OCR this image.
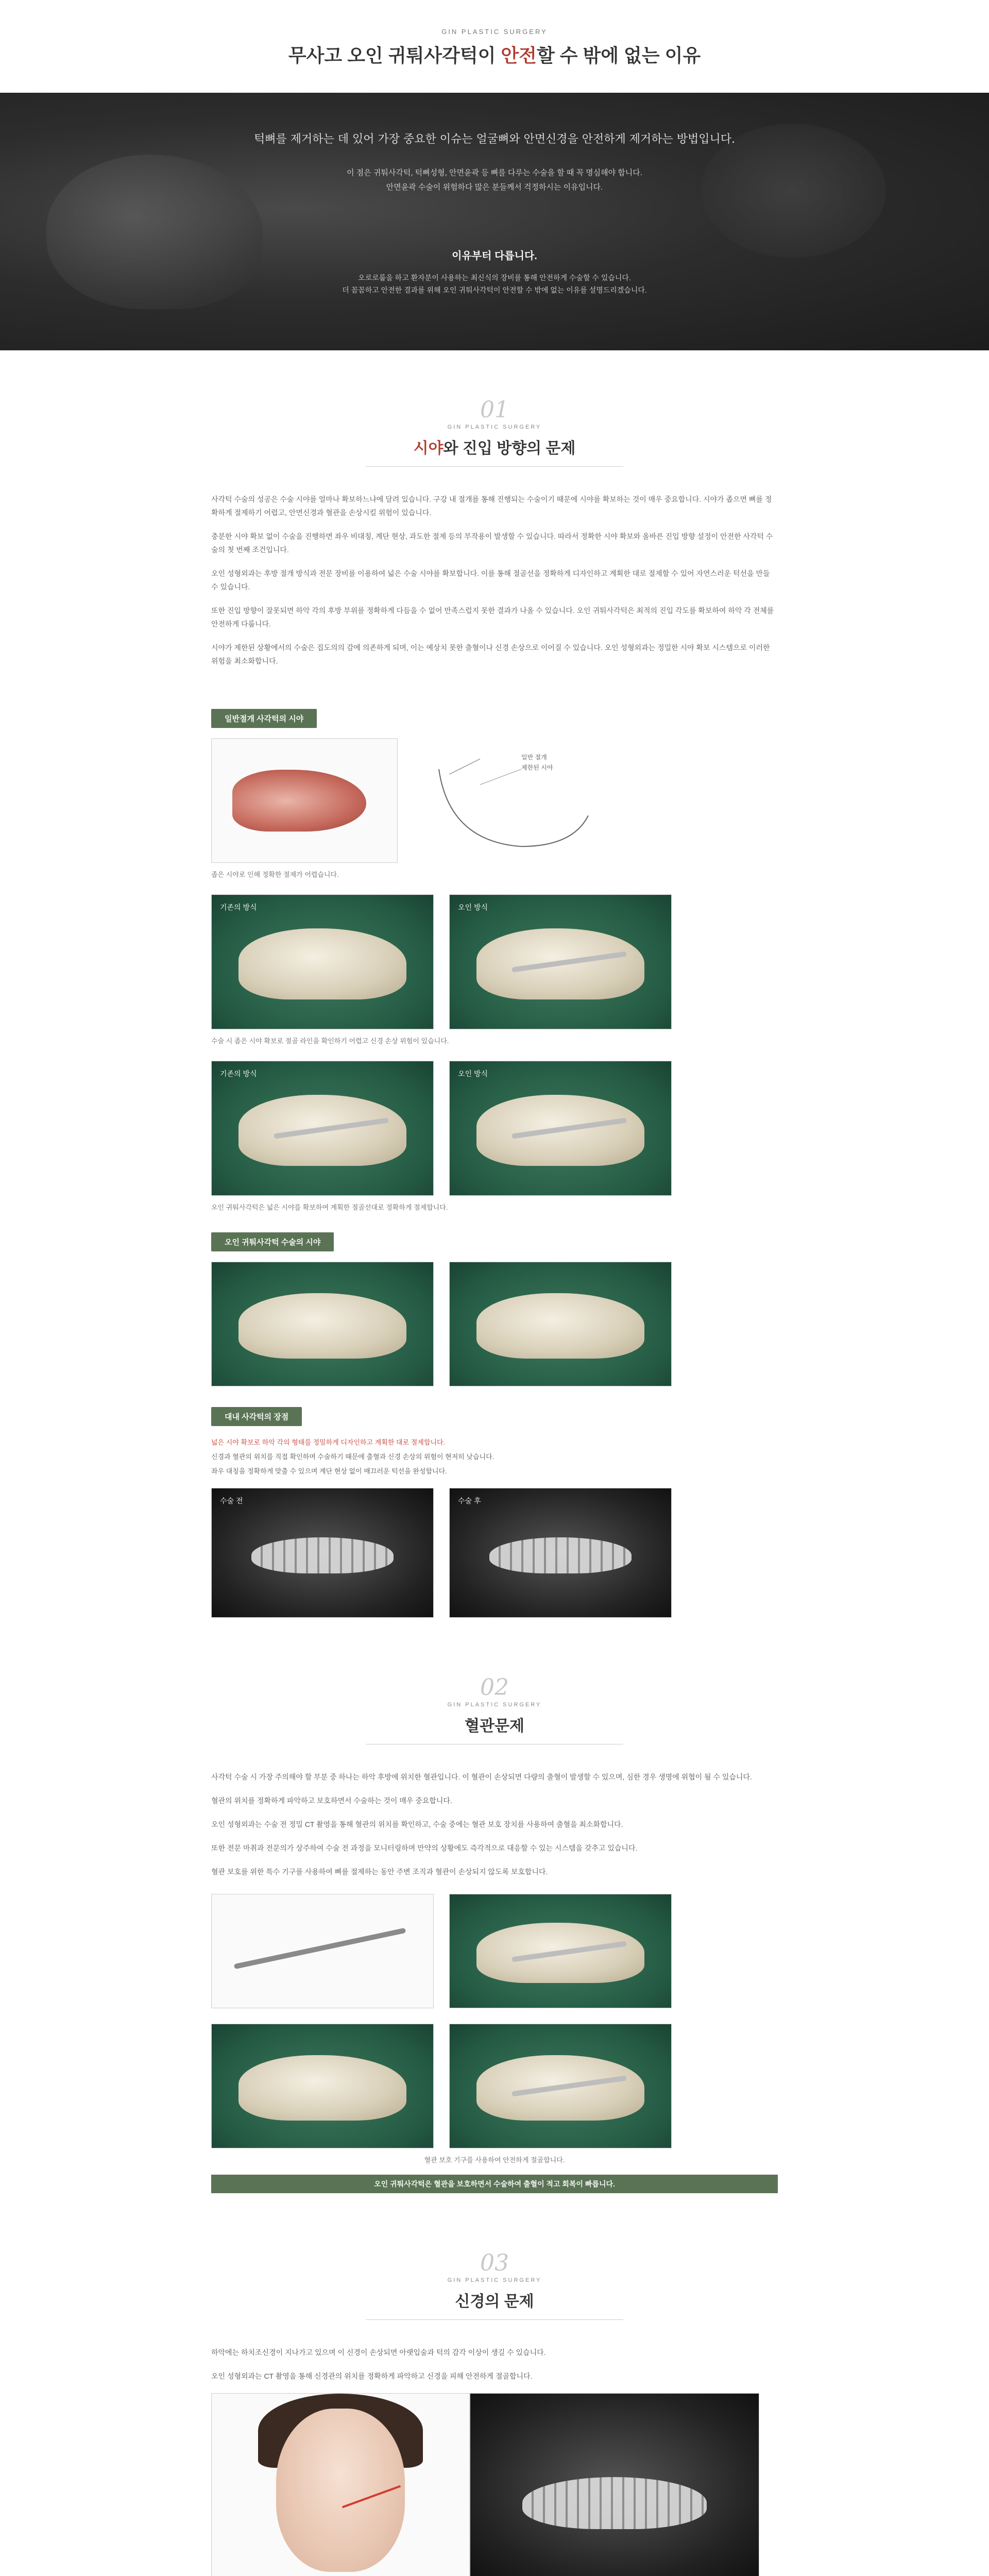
GIN PLASTIC SURGERY
무사고 오인 귀퉈사각턱이 안전할 수 밖에 없는 이유
턱뼈를 제거하는 데 있어 가장 중요한 이슈는 얼굴뼈와 안면신경을 안전하게 제거하는 방법입니다.
이 점은 귀퉈사각턱, 턱뼈성형, 안면윤곽 등 뼈를 다루는 수술을 할 때 꼭 명심해야 합니다.
안면윤곽 수술이 위험하다 많은 분들께서 걱정하시는 이유입니다.
이유부터 다릅니다.
오로로룹을 하고 환자분이 사용하는 최신식의 장비를 통해 안전하게 수술할 수 있습니다.
더 꼼꼼하고 안전한 결과를 위해 오인 귀퉈사각턱이 안전할 수 밖에 없는 이유를 설명드리겠습니다.
01
GIN PLASTIC SURGERY
시야와 진입 방향의 문제

사각턱 수술의 성공은 수술 시야를 얼마나 확보하느냐에 달려 있습니다. 구강 내 절개를 통해 진행되는 수술이기 때문에 시야를 확보하는 것이 매우 중요합니다. 시야가 좁으면 뼈를 정확하게 절제하기 어렵고, 안면신경과 혈관을 손상시킬 위험이 있습니다.

충분한 시야 확보 없이 수술을 진행하면 좌우 비대칭, 계단 현상, 과도한 절제 등의 부작용이 발생할 수 있습니다. 따라서 정확한 시야 확보와 올바른 진입 방향 설정이 안전한 사각턱 수술의 첫 번째 조건입니다.

오인 성형외과는 후방 절개 방식과 전문 장비를 이용하여 넓은 수술 시야를 확보합니다. 이를 통해 절골선을 정확하게 디자인하고 계획한 대로 절제할 수 있어 자연스러운 턱선을 만들 수 있습니다.

또한 진입 방향이 잘못되면 하악 각의 후방 부위를 정확하게 다듬을 수 없어 만족스럽지 못한 결과가 나올 수 있습니다. 오인 귀퉈사각턱은 최적의 진입 각도를 확보하여 하악 각 전체를 안전하게 다룹니다.

시야가 제한된 상황에서의 수술은 집도의의 감에 의존하게 되며, 이는 예상치 못한 출혈이나 신경 손상으로 이어질 수 있습니다. 오인 성형외과는 정밀한 시야 확보 시스템으로 이러한 위험을 최소화합니다.

일반절개 사각턱의 시야
일반 절개
제한된 시야
좁은 시야로 인해 정확한 절제가 어렵습니다.
기존의 방식	오인 방식
수술 시 좁은 시야 확보로 절골 라인을 확인하기 어렵고 신경 손상 위험이 있습니다.
기존의 방식	오인 방식
오인 귀퉈사각턱은 넓은 시야를 확보하여 계획한 절골선대로 정확하게 절제합니다.
오인 귀퉈사각턱 수술의 시야
대내 사각턱의 장점

넓은 시야 확보로 하악 각의 형태를 정밀하게 디자인하고 계획한 대로 절제합니다.

신경과 혈관의 위치를 직접 확인하며 수술하기 때문에 출혈과 신경 손상의 위험이 현저히 낮습니다.

좌우 대칭을 정확하게 맞출 수 있으며 계단 현상 없이 매끄러운 턱선을 완성합니다.

수술 전	수술 후
02
GIN PLASTIC SURGERY
혈관문제

사각턱 수술 시 가장 주의해야 할 부분 중 하나는 하악 후방에 위치한 혈관입니다. 이 혈관이 손상되면 다량의 출혈이 발생할 수 있으며, 심한 경우 생명에 위협이 될 수 있습니다.

혈관의 위치를 정확하게 파악하고 보호하면서 수술하는 것이 매우 중요합니다.

오인 성형외과는 수술 전 정밀 CT 촬영을 통해 혈관의 위치를 확인하고, 수술 중에는 혈관 보호 장치를 사용하여 출혈을 최소화합니다.

또한 전문 마취과 전문의가 상주하여 수술 전 과정을 모니터링하며 만약의 상황에도 즉각적으로 대응할 수 있는 시스템을 갖추고 있습니다.

혈관 보호를 위한 특수 기구를 사용하여 뼈를 절제하는 동안 주변 조직과 혈관이 손상되지 않도록 보호합니다.

혈관 보호 기구를 사용하여 안전하게 절골합니다.
오인 귀퉈사각턱은 혈관을 보호하면서 수술하여 출혈이 적고 회복이 빠릅니다.
03
GIN PLASTIC SURGERY
신경의 문제

하악에는 하치조신경이 지나가고 있으며 이 신경이 손상되면 아랫입술과 턱의 감각 이상이 생길 수 있습니다.

오인 성형외과는 CT 촬영을 통해 신경관의 위치를 정확하게 파악하고 신경을 피해 안전하게 절골합니다.
